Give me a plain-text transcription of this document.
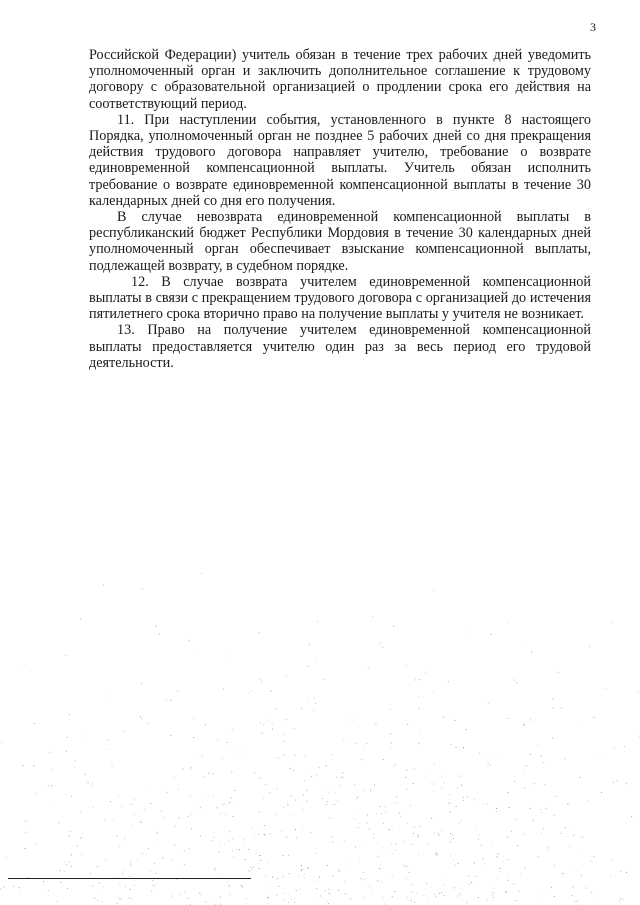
3

Российской Федерации) учитель обязан в течение трех рабочих дней уведомить уполномоченный орган и заключить дополнительное соглашение к трудовому договору с образовательной организацией о продлении срока его действия на соответствующий период.

11. При наступлении события, установленного в пункте 8 настоящего Порядка, уполномоченный орган не позднее 5 рабочих дней со дня прекращения действия трудового договора направляет учителю, требование о возврате единовременной компенсационной выплаты. Учитель обязан исполнить требование о возврате единовременной компенсационной выплаты в течение 30 календарных дней со дня его получения.

В случае невозврата единовременной компенсационной выплаты в республиканский бюджет Республики Мордовия в течение 30 календарных дней уполномоченный орган обеспечивает взыскание компенсационной выплаты, подлежащей возврату, в судебном порядке.

12. В случае возврата учителем единовременной компенсационной выплаты в связи с прекращением трудового договора с организацией до истечения пятилетнего срока вторично право на получение выплаты у учителя не возникает.

13. Право на получение учителем единовременной компенсационной выплаты предоставляется учителю один раз за весь период его трудовой деятельности.
